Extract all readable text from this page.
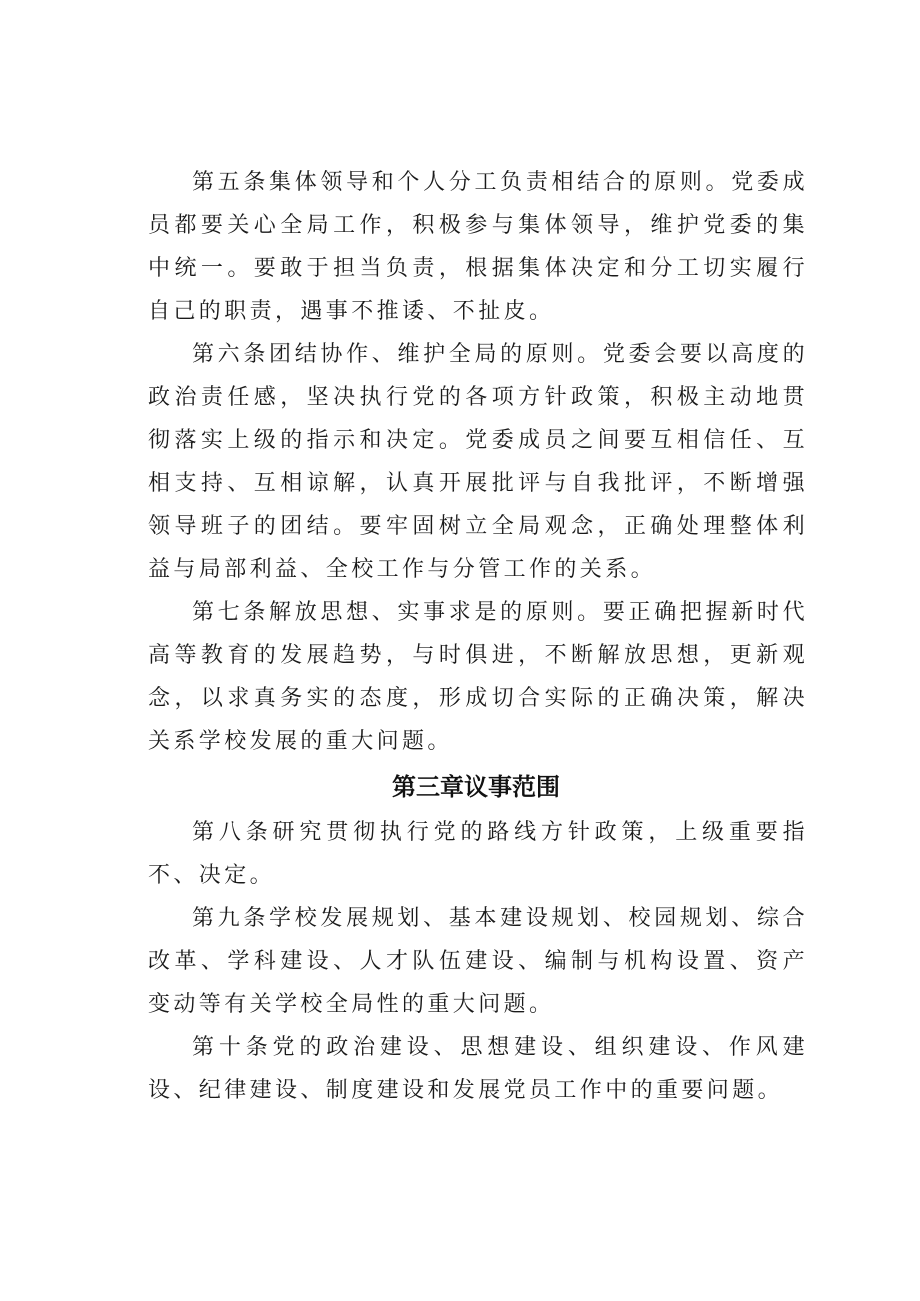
第五条集体领导和个人分工负责相结合的原则。党委成员都要关心全局工作，积极参与集体领导，维护党委的集中统一。要敢于担当负责，根据集体决定和分工切实履行自己的职责，遇事不推诿、不扯皮。

第六条团结协作、维护全局的原则。党委会要以高度的政治责任感，坚决执行党的各项方针政策，积极主动地贯彻落实上级的指示和决定。党委成员之间要互相信任、互相支持、互相谅解，认真开展批评与自我批评，不断增强领导班子的团结。要牢固树立全局观念，正确处理整体利益与局部利益、全校工作与分管工作的关系。

第七条解放思想、实事求是的原则。要正确把握新时代高等教育的发展趋势，与时俱进，不断解放思想，更新观念，以求真务实的态度，形成切合实际的正确决策，解决关系学校发展的重大问题。

第三章议事范围

第八条研究贯彻执行党的路线方针政策，上级重要指不、决定。

第九条学校发展规划、基本建设规划、校园规划、综合改革、学科建设、人才队伍建设、编制与机构设置、资产变动等有关学校全局性的重大问题。

第十条党的政治建设、思想建设、组织建设、作风建设、纪律建设、制度建设和发展党员工作中的重要问题。
